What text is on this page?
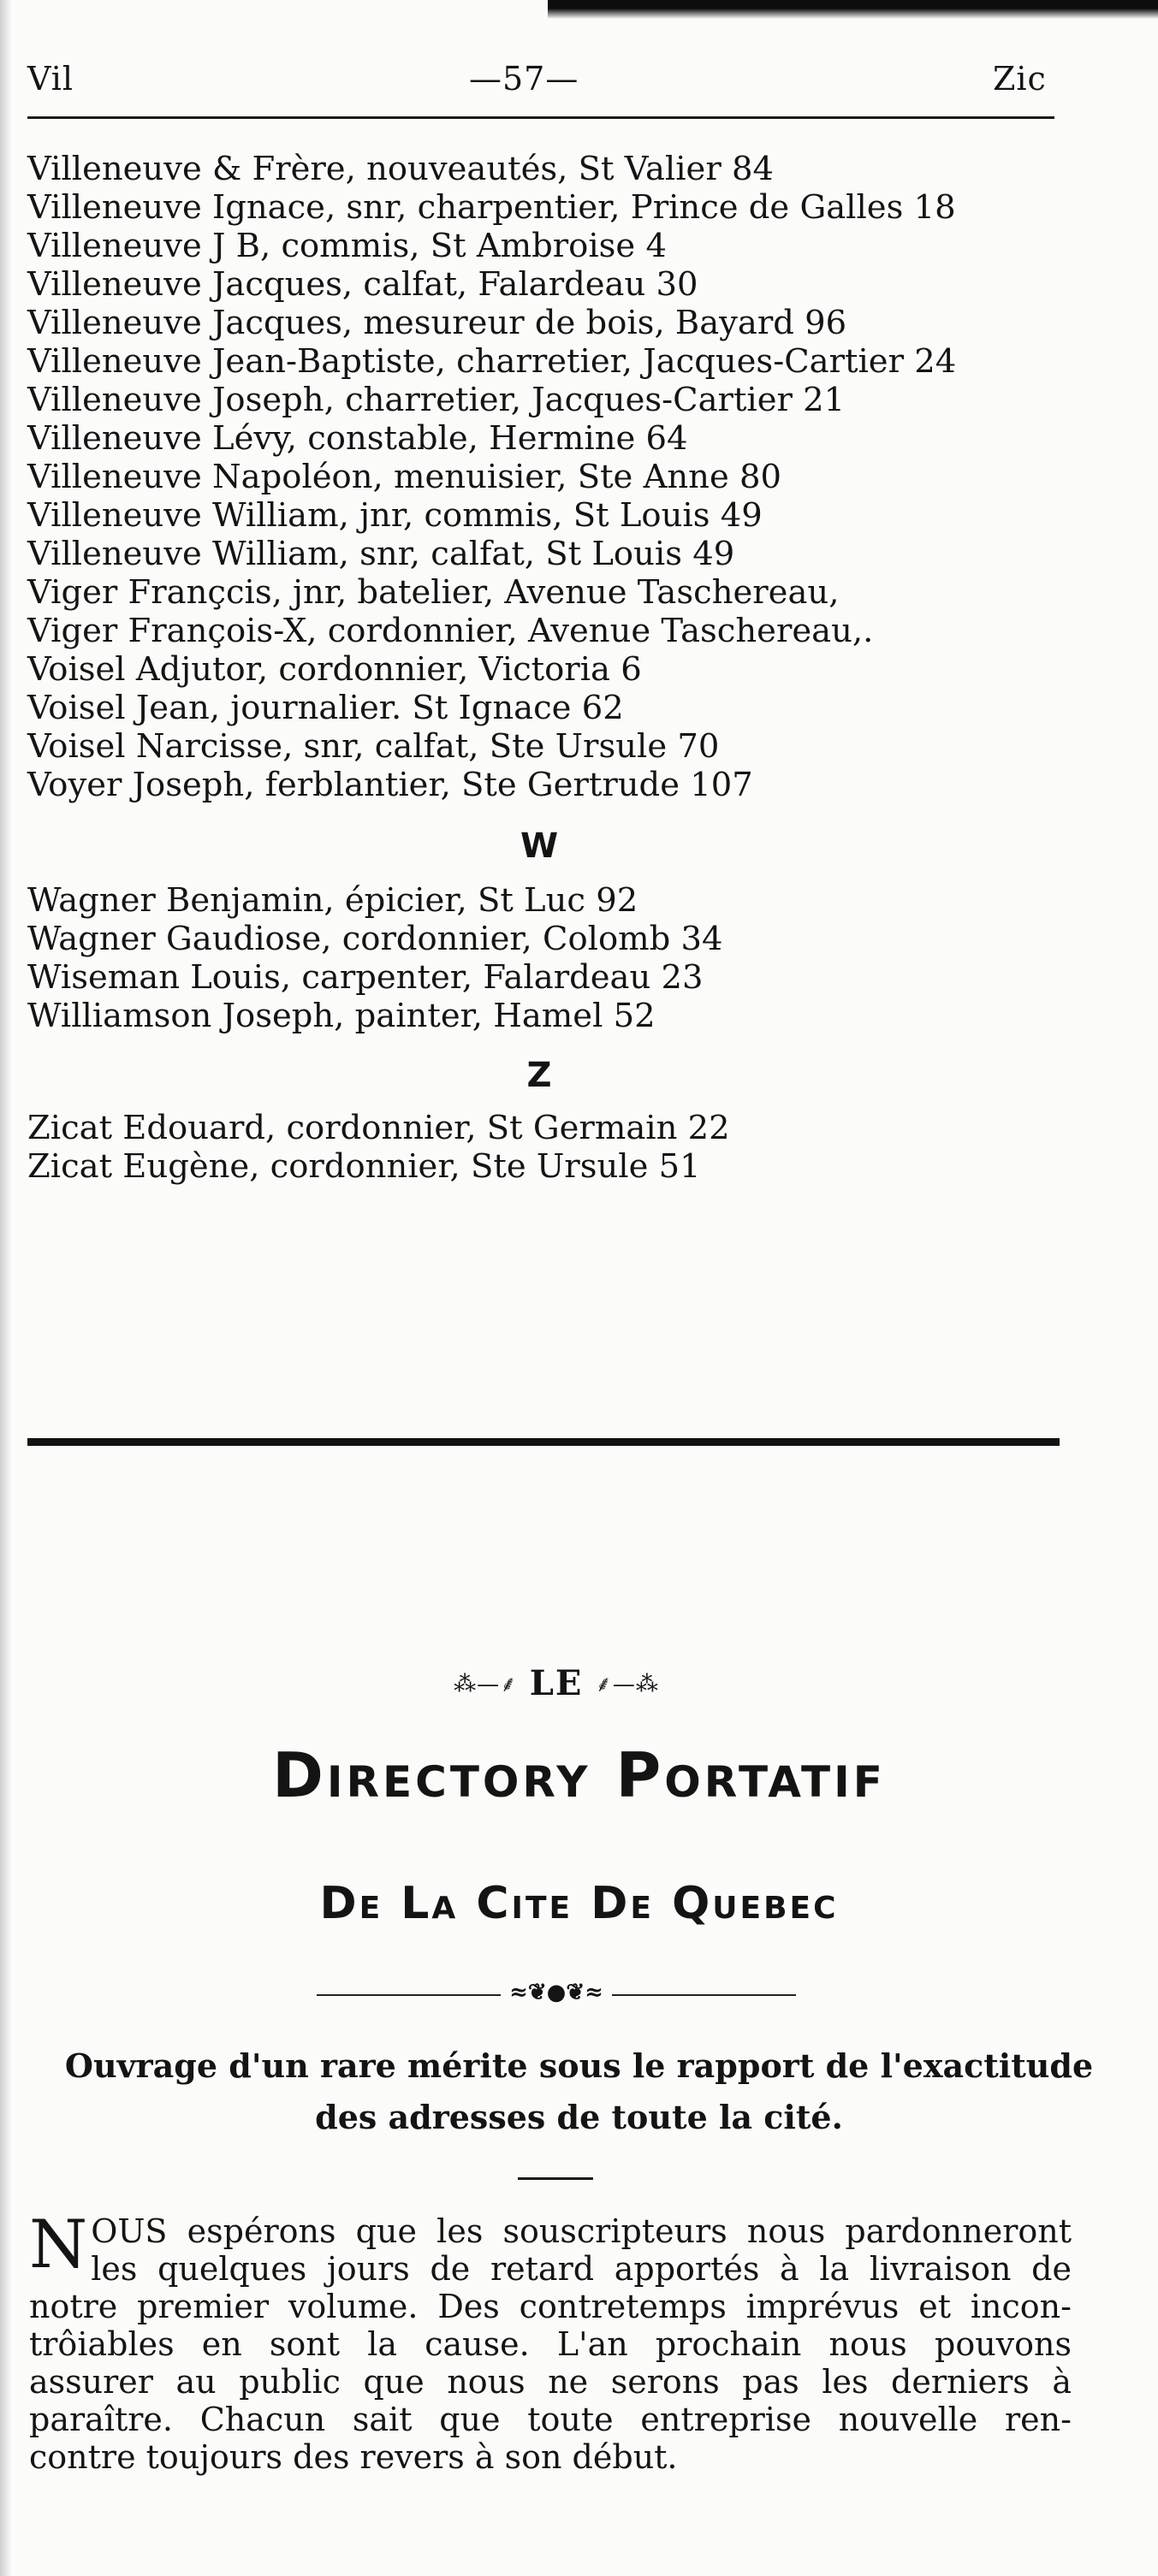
Vil	—57—	Zic
Villeneuve & Frère, nouveautés, St Valier 84
Villeneuve Ignace, snr, charpentier, Prince de Galles 18
Villeneuve J B, commis, St Ambroise 4
Villeneuve Jacques, calfat, Falardeau 30
Villeneuve Jacques, mesureur de bois, Bayard 96
Villeneuve Jean-Baptiste, charretier, Jacques-Cartier 24
Villeneuve Joseph, charretier, Jacques-Cartier 21
Villeneuve Lévy, constable, Hermine 64
Villeneuve Napoléon, menuisier, Ste Anne 80
Villeneuve William, jnr, commis, St Louis 49
Villeneuve William, snr, calfat, St Louis 49
Viger Françcis, jnr, batelier, Avenue Taschereau,
Viger François-X, cordonnier, Avenue Taschereau,.
Voisel Adjutor, cordonnier, Victoria 6
Voisel Jean, journalier. St Ignace 62
Voisel Narcisse, snr, calfat, Ste Ursule 70
Voyer Joseph, ferblantier, Ste Gertrude 107
W
Wagner Benjamin, épicier, St Luc 92
Wagner Gaudiose, cordonnier, Colomb 34
Wiseman Louis, carpenter, Falardeau 23
Williamson Joseph, painter, Hamel 52
Z
Zicat Edouard, cordonnier, St Germain 22
Zicat Eugène, cordonnier, Ste Ursule 51
⁂—⸙ LE ⸙—⁂
Directory Portatif
De La Cite De Quebec
≈❦●❦≈
Ouvrage d'un rare mérite sous le rapport de l'exactitude
des adresses de toute la cité.
N OUS espérons que les souscripteurs nous pardonneront
les quelques jours de retard apportés à la livraison de
notre premier volume. Des contretemps imprévus et incon-
trôiables en sont la cause. L'an prochain nous pouvons
assurer au public que nous ne serons pas les derniers à
paraître. Chacun sait que toute entreprise nouvelle ren-
contre toujours des revers à son début.
